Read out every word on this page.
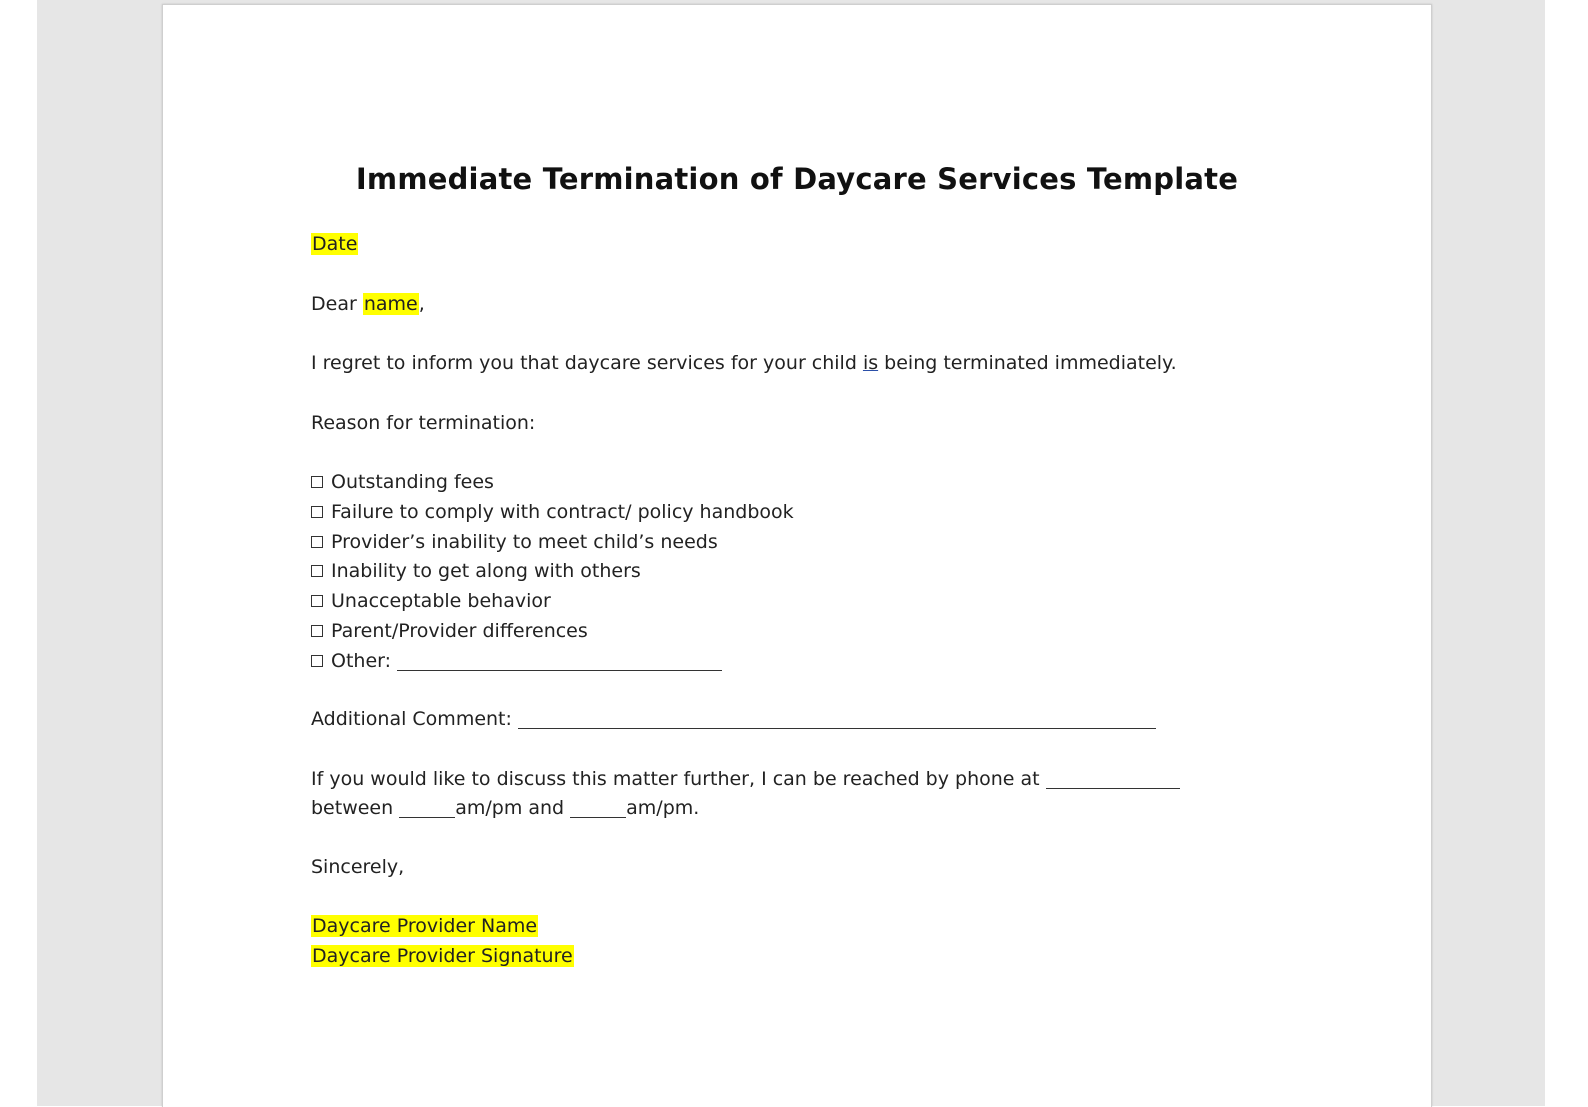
Immediate Termination of Daycare Services Template
Date
Dear name,
I regret to inform you that daycare services for your child is being terminated immediately.
Reason for termination:
Outstanding fees
Failure to comply with contract/ policy handbook
Provider’s inability to meet child’s needs
Inability to get along with others
Unacceptable behavior
Parent/Provider differences
Other:
Additional Comment:
If you would like to discuss this matter further, I can be reached by phone at
between	am/pm and	am/pm.
Sincerely,
Daycare Provider Name
Daycare Provider Signature
